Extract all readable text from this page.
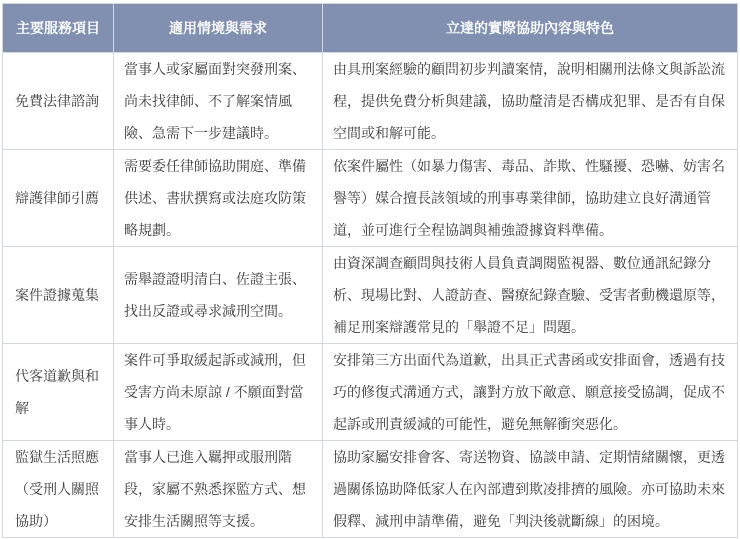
主要服務項目	適用情境與需求	立達的實際協助內容與特色
免費法律諮詢	當事人或家屬面對突發刑案、尚未找律師、不了解案情風險、急需下一步建議時。	由具刑案經驗的顧問初步判讀案情，說明相關刑法條文與訴訟流程，提供免費分析與建議，協助釐清是否構成犯罪、是否有自保空間或和解可能。
辯護律師引薦	需要委任律師協助開庭、準備供述、書狀撰寫或法庭攻防策略規劃。	依案件屬性（如暴力傷害、毒品、詐欺、性騷擾、恐嚇、妨害名譽等）媒合擅長該領域的刑事專業律師，協助建立良好溝通管道，並可進行全程協調與補強證據資料準備。
案件證據蒐集	需舉證證明清白、佐證主張、找出反證或尋求減刑空間。	由資深調查顧問與技術人員負責調閱監視器、數位通訊紀錄分析、現場比對、人證訪查、醫療紀錄查驗、受害者動機還原等，補足刑案辯護常見的「舉證不足」問題。
代客道歉與和解	案件可爭取緩起訴或減刑，但受害方尚未原諒 / 不願面對當事人時。	安排第三方出面代為道歉，出具正式書函或安排面會，透過有技巧的修復式溝通方式，讓對方放下敵意、願意接受協調，促成不起訴或刑責緩減的可能性，避免無解衝突惡化。
監獄生活照應（受刑人關照協助）	當事人已進入羈押或服刑階段，家屬不熟悉探監方式、想安排生活關照等支援。	協助家屬安排會客、寄送物資、協談申請、定期情緒關懷，更透過關係協助降低家人在內部遭到欺凌排擠的風險。亦可協助未來假釋、減刑申請準備，避免「判決後就斷線」的困境。
